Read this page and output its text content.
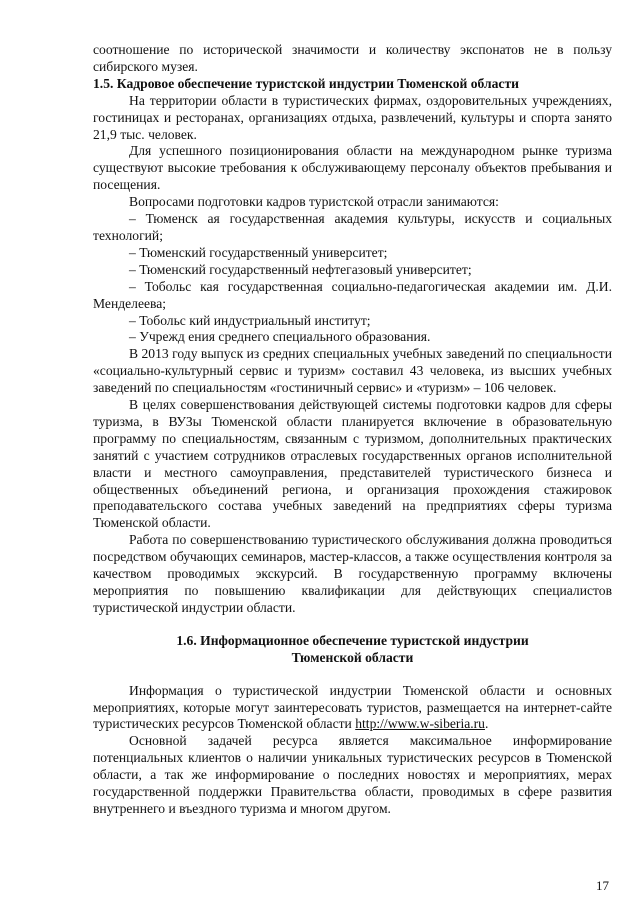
соотношение по исторической значимости и количеству экспонатов не в пользу сибирского музея.

1.5. Кадровое обеспечение туристской индустрии Тюменской области

На территории области в туристических фирмах, оздоровительных учреждениях, гостиницах и ресторанах, организациях отдыха, развлечений, культуры и спорта занято 21,9 тыс. человек.

Для успешного позиционирования области на международном рынке туризма существуют высокие требования к обслуживающему персоналу объектов пребывания и посещения.

Вопросами подготовки кадров туристской отрасли занимаются:

– Тюменск ая государственная академия культуры, искусств и социальных технологий;

– Тюменский государственный университет;

– Тюменский государственный нефтегазовый университет;

– Тобольс кая государственная социально-педагогическая академии им. Д.И. Менделеева;

– Тобольс кий индустриальный институт;

– Учрежд ения среднего специального образования.

В 2013 году выпуск из средних специальных учебных заведений по специальности «социально-культурный сервис и туризм» составил 43 человека, из высших учебных заведений по специальностям «гостиничный сервис» и «туризм» – 106 человек.

В целях совершенствования действующей системы подготовки кадров для сферы туризма, в ВУЗы Тюменской области планируется включение в образовательную программу по специальностям, связанным с туризмом, дополнительных практических занятий с участием сотрудников отраслевых государственных органов исполнительной власти и местного самоуправления, представителей туристического бизнеса и общественных объединений региона, и организация прохождения стажировок преподавательского состава учебных заведений на предприятиях сферы туризма Тюменской области.

Работа по совершенствованию туристического обслуживания должна проводиться посредством обучающих семинаров, мастер-классов, а также осуществления контроля за качеством проводимых экскурсий. В государственную программу включены мероприятия по повышению квалификации для действующих специалистов туристической индустрии области.

1.6. Информационное обеспечение туристской индустрии
Тюменской области

Информация о туристической индустрии Тюменской области и основных мероприятиях, которые могут заинтересовать туристов, размещается на интернет-сайте туристических ресурсов Тюменской области http://www.w-siberia.ru.

Основной задачей ресурса является максимальное информирование потенциальных клиентов о наличии уникальных туристических ресурсов в Тюменской области, а так же информирование о последних новостях и мероприятиях, мерах государственной поддержки Правительства области, проводимых в сфере развития внутреннего и въездного туризма и многом другом.

17
